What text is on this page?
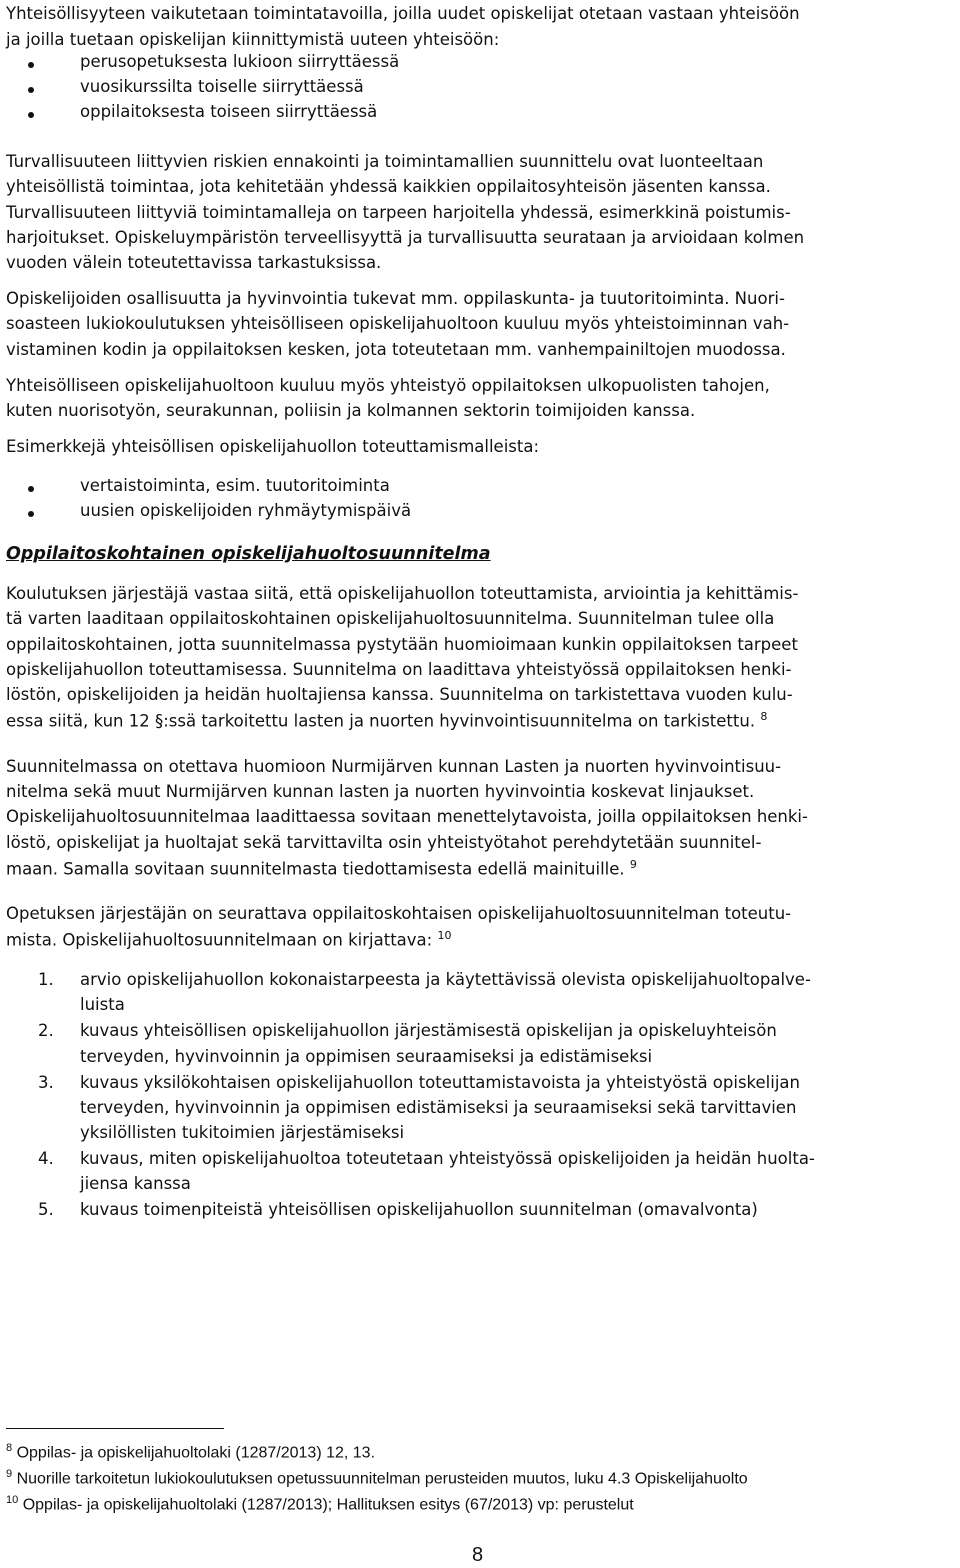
Yhteisöllisyyteen vaikutetaan toimintatavoilla, joilla uudet opiskelijat otetaan vastaan yhteisöön
ja joilla tuetaan opiskelijan kiinnittymistä uuteen yhteisöön:
perusopetuksesta lukioon siirryttäessä
vuosikurssilta toiselle siirryttäessä
oppilaitoksesta toiseen siirryttäessä
Turvallisuuteen liittyvien riskien ennakointi ja toimintamallien suunnittelu ovat luonteeltaan
yhteisöllistä toimintaa, jota kehitetään yhdessä kaikkien oppilaitosyhteisön jäsenten kanssa.
Turvallisuuteen liittyviä toimintamalleja on tarpeen harjoitella yhdessä, esimerkkinä poistumis-
harjoitukset. Opiskeluympäristön terveellisyyttä ja turvallisuutta seurataan ja arvioidaan kolmen
vuoden välein toteutettavissa tarkastuksissa.
Opiskelijoiden osallisuutta ja hyvinvointia tukevat mm. oppilaskunta- ja tuutoritoiminta. Nuori-
soasteen lukiokoulutuksen yhteisölliseen opiskelijahuoltoon kuuluu myös yhteistoiminnan vah-
vistaminen kodin ja oppilaitoksen kesken, jota toteutetaan mm. vanhempainiltojen muodossa.
Yhteisölliseen opiskelijahuoltoon kuuluu myös yhteistyö oppilaitoksen ulkopuolisten tahojen,
kuten nuorisotyön, seurakunnan, poliisin ja kolmannen sektorin toimijoiden kanssa.
Esimerkkejä yhteisöllisen opiskelijahuollon toteuttamismalleista:
vertaistoiminta, esim. tuutoritoiminta
uusien opiskelijoiden ryhmäytymispäivä
Oppilaitoskohtainen opiskelijahuoltosuunnitelma
Koulutuksen järjestäjä vastaa siitä, että opiskelijahuollon toteuttamista, arviointia ja kehittämis-
tä varten laaditaan oppilaitoskohtainen opiskelijahuoltosuunnitelma. Suunnitelman tulee olla
oppilaitoskohtainen, jotta suunnitelmassa pystytään huomioimaan kunkin oppilaitoksen tarpeet
opiskelijahuollon toteuttamisessa. Suunnitelma on laadittava yhteistyössä oppilaitoksen henki-
löstön, opiskelijoiden ja heidän huoltajiensa kanssa. Suunnitelma on tarkistettava vuoden kulu-
essa siitä, kun 12 §:ssä tarkoitettu lasten ja nuorten hyvinvointisuunnitelma on tarkistettu. $^8$
Suunnitelmassa on otettava huomioon Nurmijärven kunnan Lasten ja nuorten hyvinvointisuu-
nitelma sekä muut Nurmijärven kunnan lasten ja nuorten hyvinvointia koskevat linjaukset.
Opiskelijahuoltosuunnitelmaa laadittaessa sovitaan menettelytavoista, joilla oppilaitoksen henki-
löstö, opiskelijat ja huoltajat sekä tarvittavilta osin yhteistyötahot perehdytetään suunnitel-
maan. Samalla sovitaan suunnitelmasta tiedottamisesta edellä mainituille. $^9$
Opetuksen järjestäjän on seurattava oppilaitoskohtaisen opiskelijahuoltosuunnitelman toteutu-
mista. Opiskelijahuoltosuunnitelmaan on kirjattava: $^{10}$
1. arvio opiskelijahuollon kokonaistarpeesta ja käytettävissä olevista opiskelijahuoltopalve-
luista
2. kuvaus yhteisöllisen opiskelijahuollon järjestämisestä opiskelijan ja opiskeluyhteisön
terveyden, hyvinvoinnin ja oppimisen seuraamiseksi ja edistämiseksi
3. kuvaus yksilökohtaisen opiskelijahuollon toteuttamistavoista ja yhteistyöstä opiskelijan
terveyden, hyvinvoinnin ja oppimisen edistämiseksi ja seuraamiseksi sekä tarvittavien
yksilöllisten tukitoimien järjestämiseksi
4. kuvaus, miten opiskelijahuoltoa toteutetaan yhteistyössä opiskelijoiden ja heidän huolta-
jiensa kanssa
5. kuvaus toimenpiteistä yhteisöllisen opiskelijahuollon suunnitelman (omavalvonta)
$^8$ Oppilas- ja opiskelijahuoltolaki (1287/2013) 12, 13.
$^9$ Nuorille tarkoitetun lukiokoulutuksen opetussuunnitelman perusteiden muutos, luku 4.3 Opiskelijahuolto
$^{10}$ Oppilas- ja opiskelijahuoltolaki (1287/2013); Hallituksen esitys (67/2013) vp: perustelut
8
